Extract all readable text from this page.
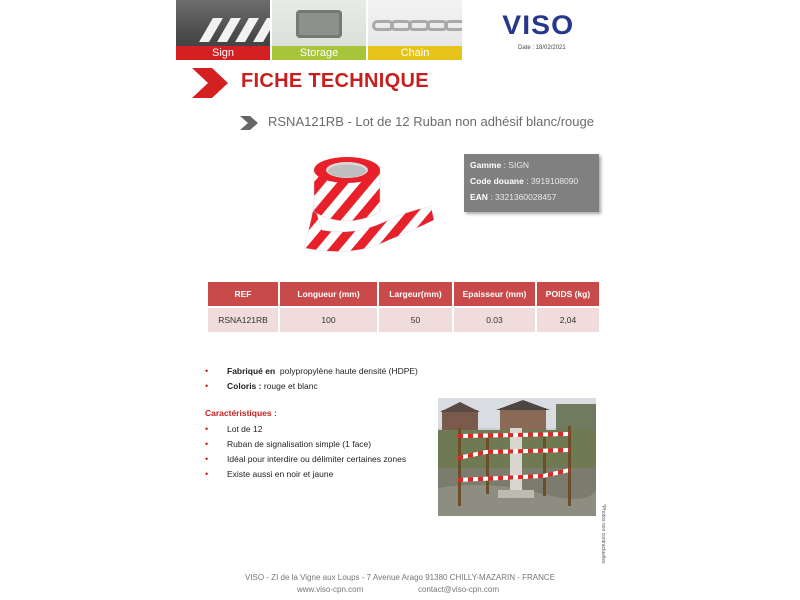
Sign	Storage	Chain
VISO
Date : 18/02/2021
FICHE TECHNIQUE
RSNA121RB - Lot de 12 Ruban non adhésif blanc/rouge
Gamme : SIGN
Code douane : 3919108090
EAN : 3321360028457
REF	Longueur (mm)	Largeur(mm)	Epaisseur (mm)	POIDS (kg)
RSNA121RB	100	50	0.03	2,04
• Fabriqué en polypropylène haute densité (HDPE)
• Coloris : rouge et blanc
Caractéristiques :
• Lot de 12
• Ruban de signalisation simple (1 face)
• Idéal pour interdire ou délimiter certaines zones
• Existe aussi en noir et jaune
*Photos non contractuelles
VISO - ZI de la Vigne aux Loups - 7 Avenue Arago 91380 CHILLY-MAZARIN - FRANCE
www.viso-cpn.com	contact@viso-cpn.com
